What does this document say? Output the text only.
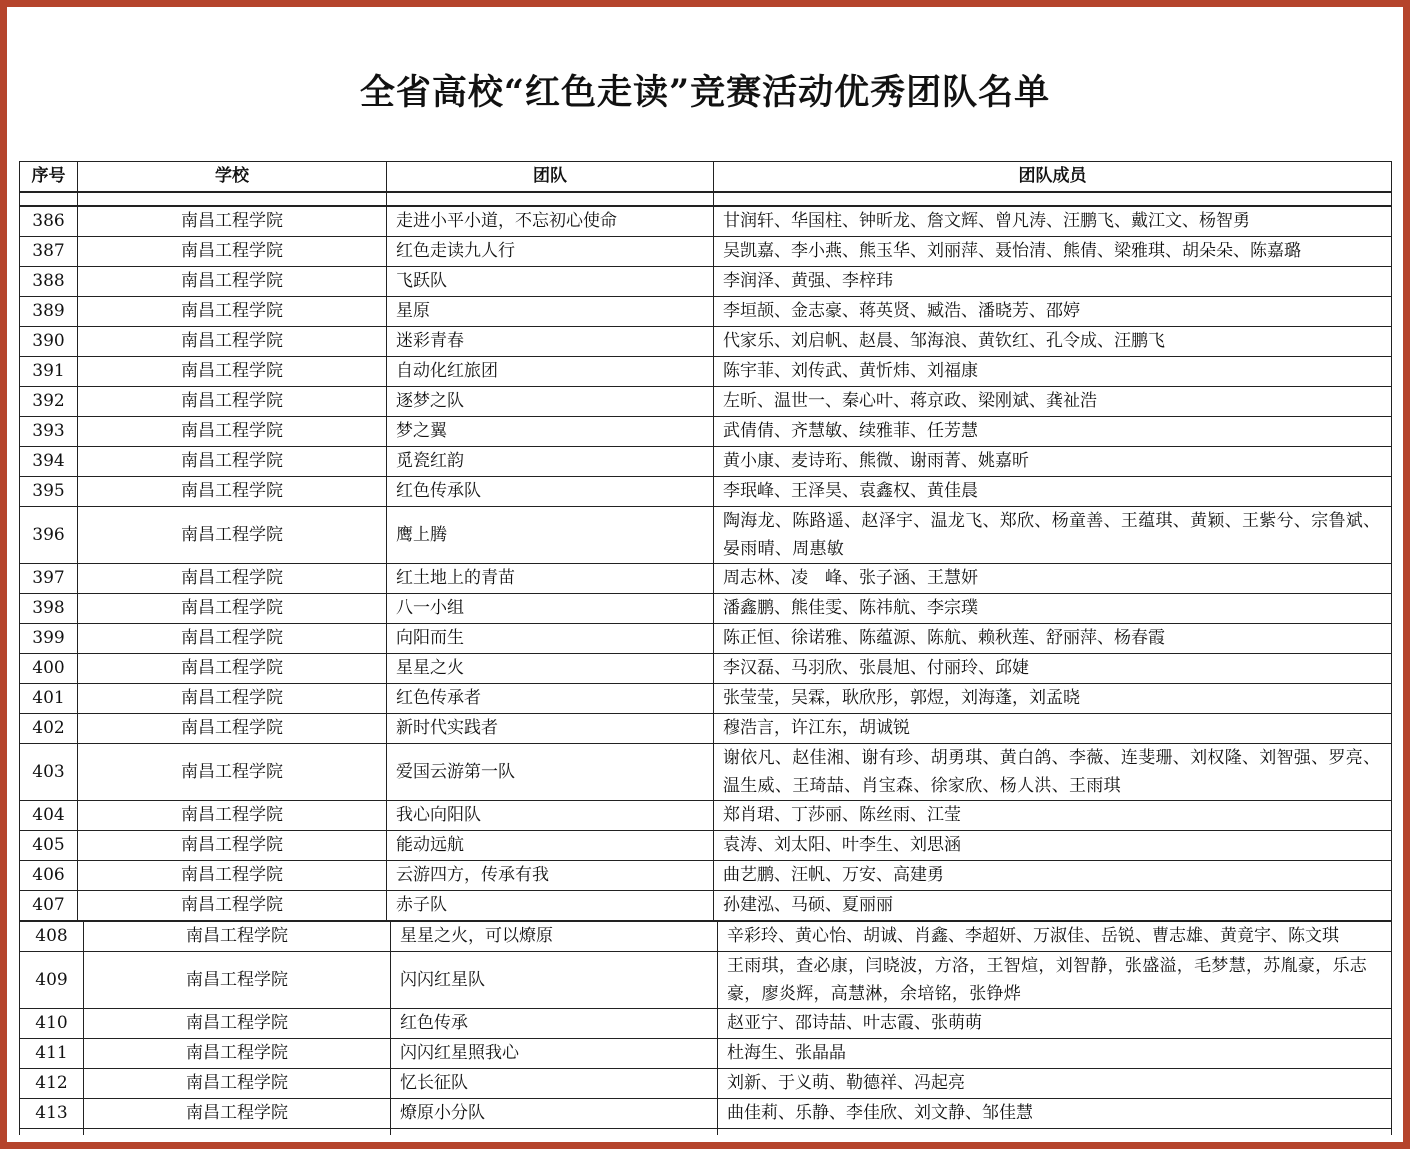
全省高校“红色走读”竞赛活动优秀团队名单
序号	学校	团队	团队成员

386	南昌工程学院	走进小平小道，不忘初心使命	甘润轩、华国柱、钟昕龙、詹文辉、曾凡涛、汪鹏飞、戴江文、杨智勇
387	南昌工程学院	红色走读九人行	吴凯嘉、李小燕、熊玉华、刘丽萍、聂怡清、熊倩、梁雅琪、胡朵朵、陈嘉璐
388	南昌工程学院	飞跃队	李润泽、黄强、李梓玮
389	南昌工程学院	星原	李垣颉、金志豪、蒋英贤、臧浩、潘晓芳、邵婷
390	南昌工程学院	迷彩青春	代家乐、刘启帆、赵晨、邹海浪、黄钦红、孔令成、汪鹏飞
391	南昌工程学院	自动化红旅团	陈宇菲、刘传武、黄忻炜、刘福康
392	南昌工程学院	逐梦之队	左昕、温世一、秦心叶、蒋京政、梁刚斌、龚祉浩
393	南昌工程学院	梦之翼	武倩倩、齐慧敏、续雅菲、任芳慧
394	南昌工程学院	觅瓷红韵	黄小康、麦诗珩、熊微、谢雨菁、姚嘉昕
395	南昌工程学院	红色传承队	李珉峰、王泽昊、袁鑫权、黄佳晨
396	南昌工程学院	鹰上腾	陶海龙、陈路遥、赵泽宇、温龙飞、郑欣、杨童善、王蕴琪、黄颖、王紫兮、宗鲁斌、晏雨晴、周惠敏
397	南昌工程学院	红土地上的青苗	周志林、凌　峰、张子涵、王慧妍
398	南昌工程学院	八一小组	潘鑫鹏、熊佳雯、陈祎航、李宗璞
399	南昌工程学院	向阳而生	陈正恒、徐诺雅、陈蕴源、陈航、赖秋莲、舒丽萍、杨春霞
400	南昌工程学院	星星之火	李汉磊、马羽欣、张晨旭、付丽玲、邱婕
401	南昌工程学院	红色传承者	张莹莹，吴霖，耿欣彤，郭煜，刘海蓬，刘孟晓
402	南昌工程学院	新时代实践者	穆浩言，许江东，胡诚锐
403	南昌工程学院	爱国云游第一队	谢依凡、赵佳湘、谢有珍、胡勇琪、黄白鸽、李薇、连斐珊、刘权隆、刘智强、罗亮、温生威、王琦喆、肖宝森、徐家欣、杨人洪、王雨琪
404	南昌工程学院	我心向阳队	郑肖珺、丁莎丽、陈丝雨、江莹
405	南昌工程学院	能动远航	袁涛、刘太阳、叶李生、刘思涵
406	南昌工程学院	云游四方，传承有我	曲艺鹏、汪帆、万安、高建勇
407	南昌工程学院	赤子队	孙建泓、马硕、夏丽丽
408	南昌工程学院	星星之火，可以燎原	辛彩玲、黄心怡、胡诚、肖鑫、李超妍、万淑佳、岳锐、曹志雄、黄竟宇、陈文琪
409	南昌工程学院	闪闪红星队	王雨琪，查必康，闫晓波，方洛，王智煊，刘智静，张盛溢，毛梦慧，苏胤豪，乐志豪，廖炎辉，高慧淋，余培铭，张铮烨
410	南昌工程学院	红色传承	赵亚宁、邵诗喆、叶志霞、张萌萌
411	南昌工程学院	闪闪红星照我心	杜海生、张晶晶
412	南昌工程学院	忆长征队	刘新、于义萌、勒德祥、冯起亮
413	南昌工程学院	燎原小分队	曲佳莉、乐静、李佳欣、刘文静、邹佳慧
